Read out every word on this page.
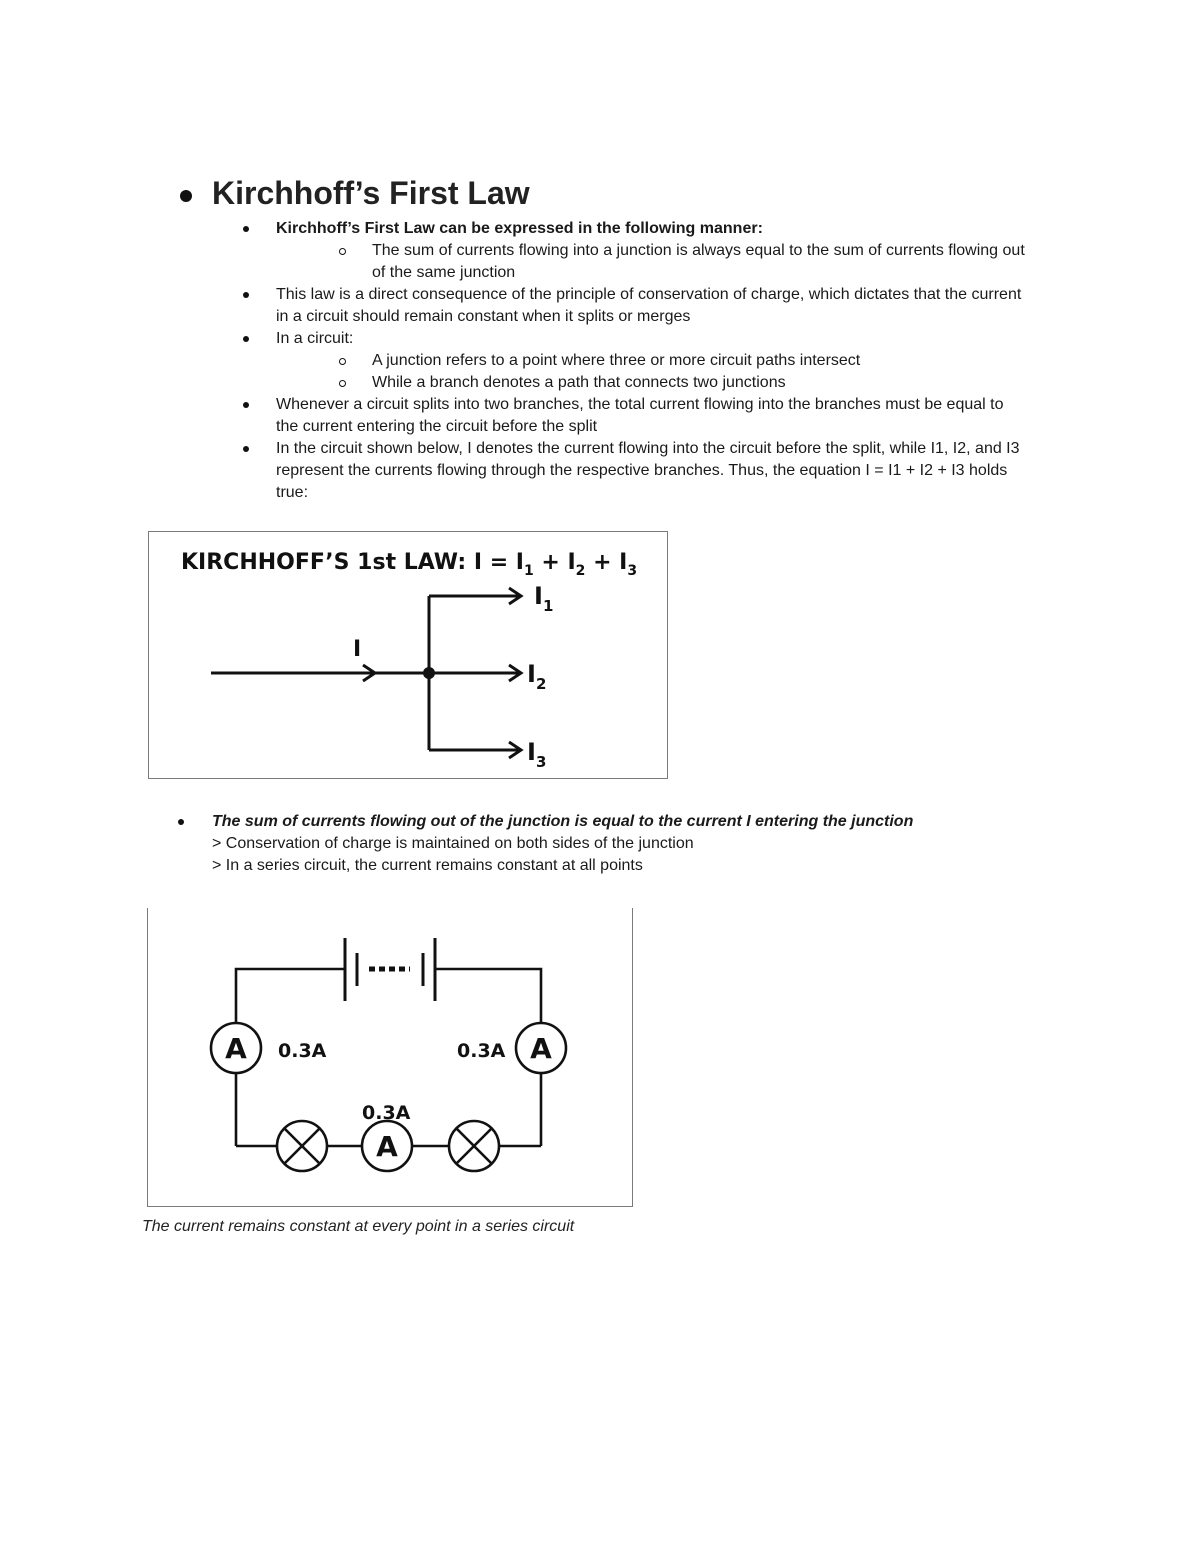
Kirchhoff’s First Law
Kirchhoff’s First Law can be expressed in the following manner:
The sum of currents flowing into a junction is always equal to the sum of currents flowing out
of the same junction
This law is a direct consequence of the principle of conservation of charge, which dictates that the current
in a circuit should remain constant when it splits or merges
In a circuit:
A junction refers to a point where three or more circuit paths intersect
While a branch denotes a path that connects two junctions
Whenever a circuit splits into two branches, the total current flowing into the branches must be equal to
the current entering the circuit before the split
In the circuit shown below, I denotes the current flowing into the circuit before the split, while I1, I2, and I3
represent the currents flowing through the respective branches. Thus, the equation I = I1 + I2 + I3 holds
true:
KIRCHHOFF’S 1st LAW: $I = I_1 + I_2 + I_3$
I
$I_1$
$I_2$
$I_3$
The sum of currents flowing out of the junction is equal to the current I entering the junction
> Conservation of charge is maintained on both sides of the junction
> In a series circuit, the current remains constant at all points
A 0.3A	A
0.3A
A
0.3A
The current remains constant at every point in a series circuit
